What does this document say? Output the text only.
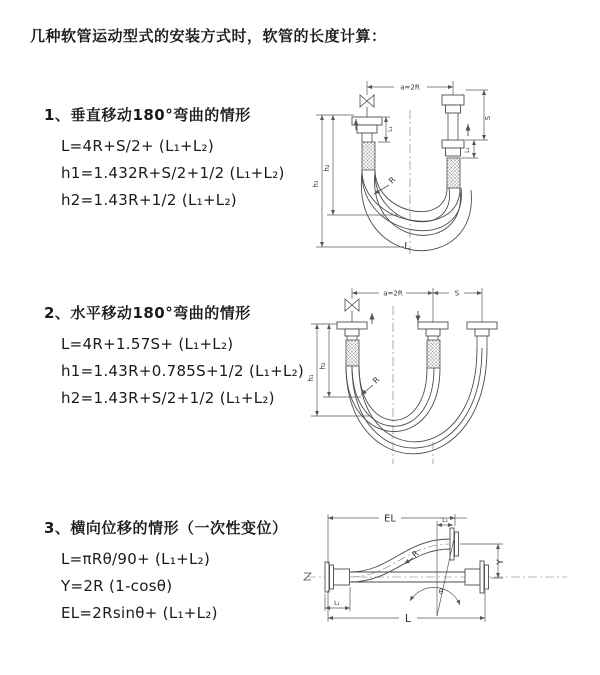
几种软管运动型式的安装方式时，软管的长度计算：
1、垂直移动180°弯曲的情形
L=4R+S/2+ (L₁+L₂)
h1=1.432R+S/2+1/2 (L₁+L₂)
h2=1.43R+1/2 (L₁+L₂)
2、水平移动180°弯曲的情形
L=4R+1.57S+ (L₁+L₂)
h1=1.43R+0.785S+1/2 (L₁+L₂)
h2=1.43R+S/2+1/2 (L₁+L₂)
3、横向位移的情形（一次性变位）
L=πRθ/90+ (L₁+L₂)
Y=2R (1-cosθ)
EL=2Rsinθ+ (L₁+L₂)
a=2R
S
L₁
L₁
h₁
h₂
R
L
a=2R	S
h₁
h₂
R
EL	L₂
θ
R
Y
L₁
L
